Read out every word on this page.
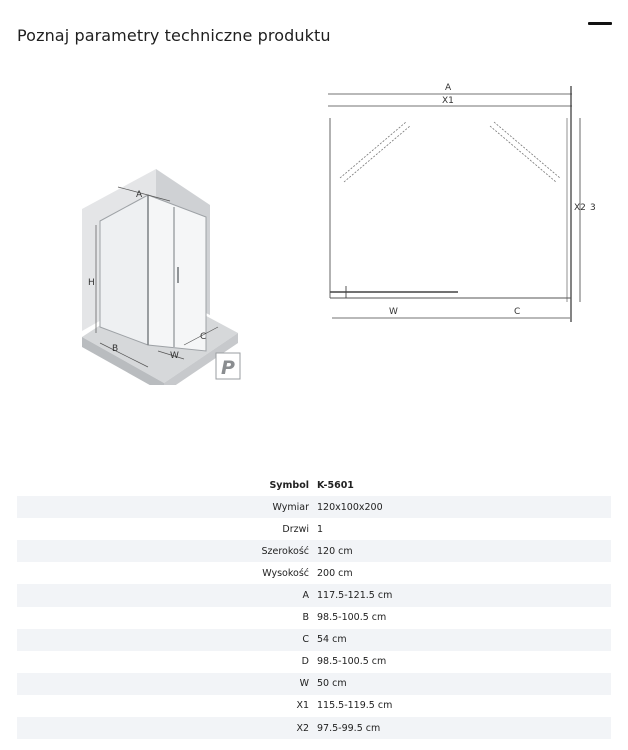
Poznaj parametry techniczne produktu
A
H
B
W
C
P
A
X1
X2 3
W	C
Symbol K-5601
Wymiar 120x100x200
Drzwi 1
Szerokość 120 cm
Wysokość 200 cm
A 117.5-121.5 cm
B 98.5-100.5 cm
C 54 cm
D 98.5-100.5 cm
W 50 cm
X1 115.5-119.5 cm
X2 97.5-99.5 cm
